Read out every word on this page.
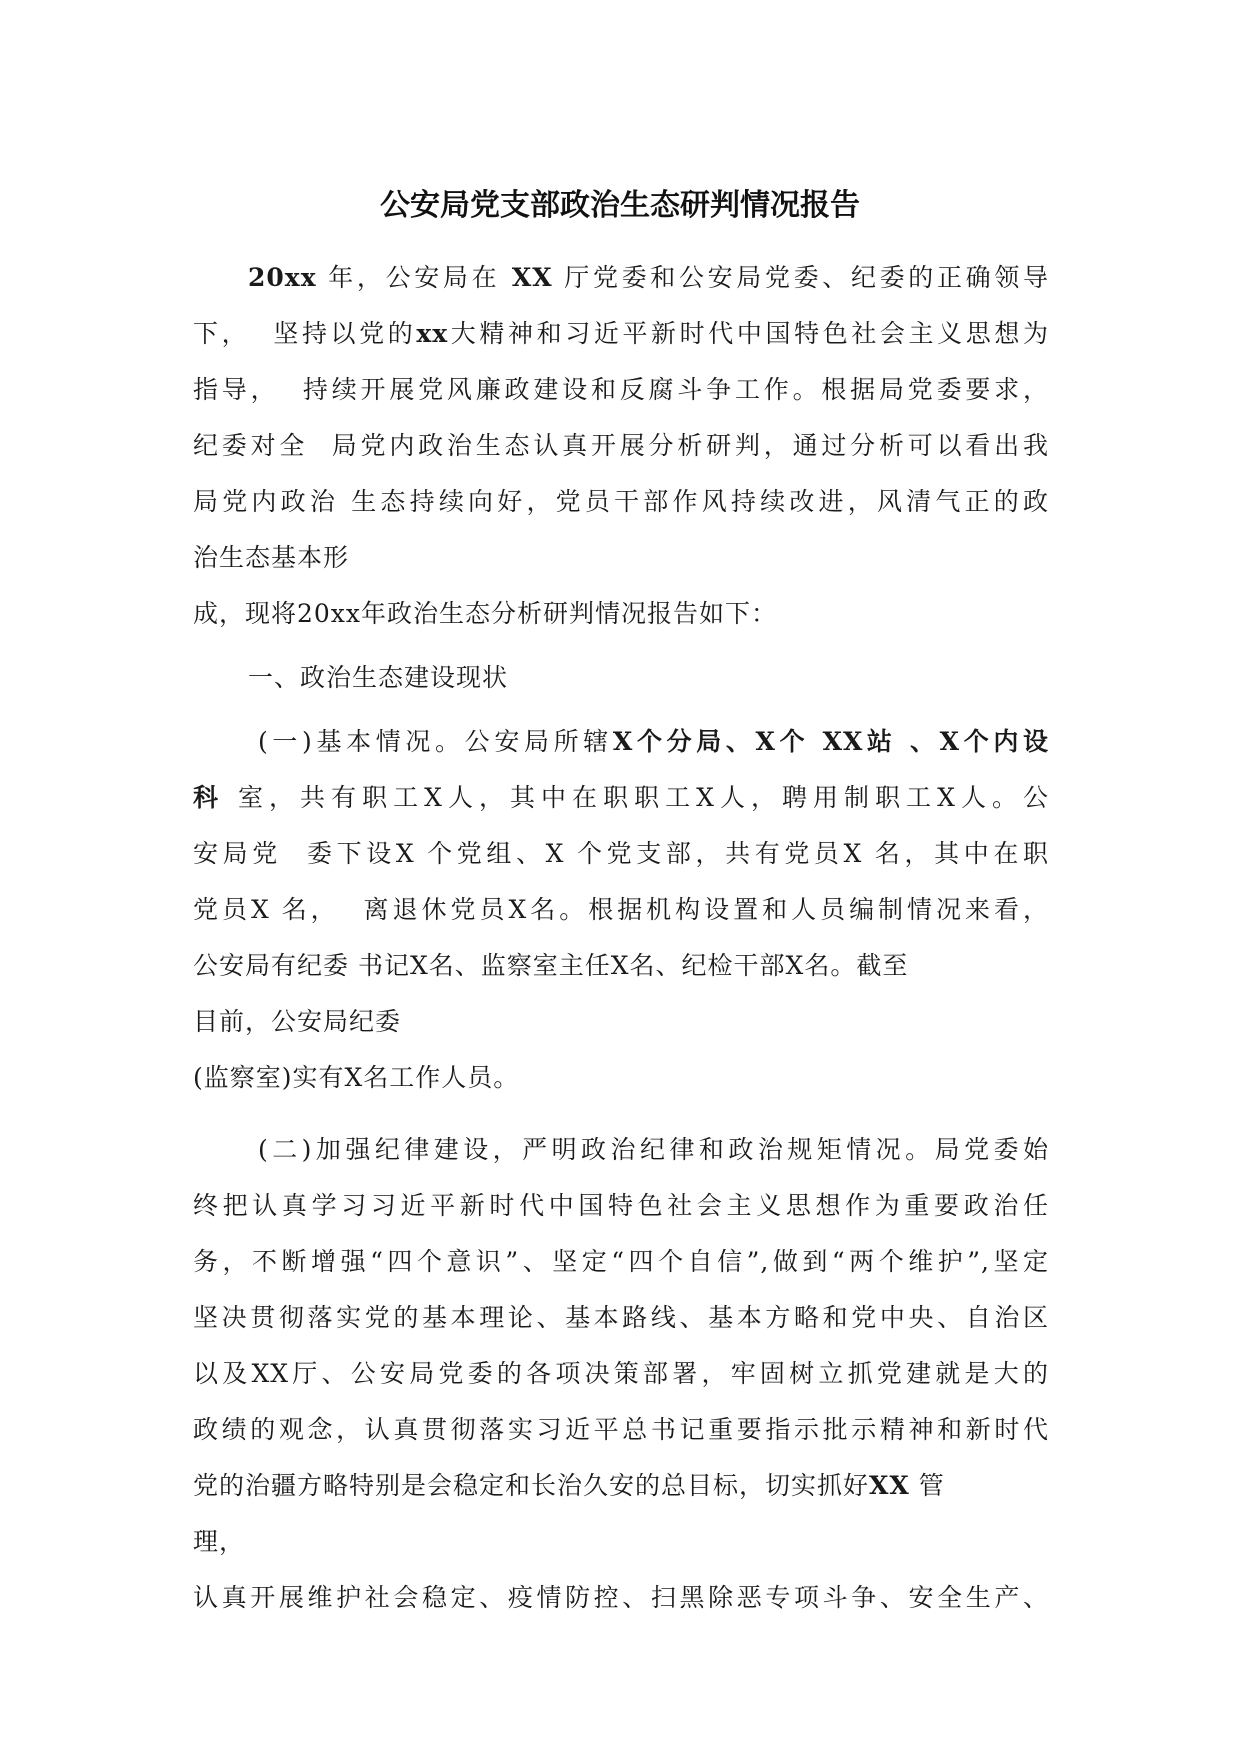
公安局党支部政治生态研判情况报告
20xx 年，公安局在 XX 厅党委和公安局党委、纪委的正确领导
下，  坚持以党的xx大精神和习近平新时代中国特色社会主义思想为
指导，  持续开展党风廉政建设和反腐斗争工作。根据局党委要求，
纪委对全  局党内政治生态认真开展分析研判，通过分析可以看出我
局党内政治 生态持续向好，党员干部作风持续改进，风清气正的政
治生态基本形
成，现将20xx年政治生态分析研判情况报告如下：
一、政治生态建设现状
(一)基本情况。公安局所辖X个分局、X个 XX站 、X个内设
科 室，共有职工X人，其中在职职工X人，聘用制职工X人。公
安局党  委下设X 个党组、X 个党支部，共有党员X 名，其中在职
党员X 名，  离退休党员X名。根据机构设置和人员编制情况来看，
公安局有纪委 书记X名、监察室主任X名、纪检干部X名。截至
目前，公安局纪委
(监察室)实有X名工作人员。
(二)加强纪律建设，严明政治纪律和政治规矩情况。局党委始
终把认真学习习近平新时代中国特色社会主义思想作为重要政治任
务，不断增强“四个意识”、坚定“四个自信”,做到“两个维护”,坚定
坚决贯彻落实党的基本理论、基本路线、基本方略和党中央、自治区
以及XX厅、公安局党委的各项决策部署，牢固树立抓党建就是大的
政绩的观念，认真贯彻落实习近平总书记重要指示批示精神和新时代
党的治疆方略特别是会稳定和长治久安的总目标，切实抓好XX 管
理，
认真开展维护社会稳定、疫情防控、扫黑除恶专项斗争、安全生产、
